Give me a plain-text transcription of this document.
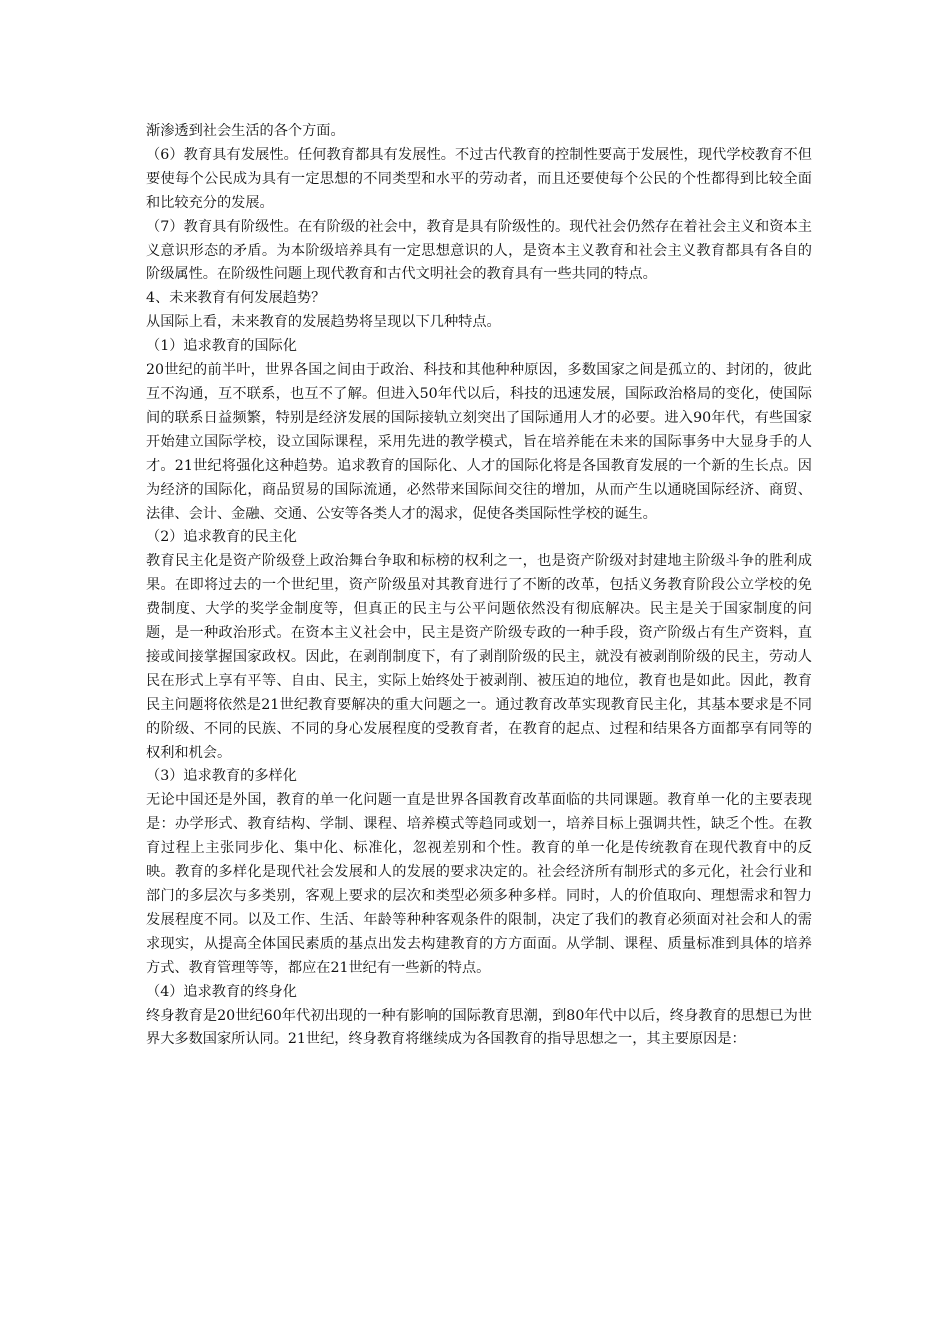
渐渗透到社会生活的各个方面。

（6）教育具有发展性。任何教育都具有发展性。不过古代教育的控制性要高于发展性，现代学校教育不但要使每个公民成为具有一定思想的不同类型和水平的劳动者，而且还要使每个公民的个性都得到比较全面和比较充分的发展。

（7）教育具有阶级性。在有阶级的社会中，教育是具有阶级性的。现代社会仍然存在着社会主义和资本主义意识形态的矛盾。为本阶级培养具有一定思想意识的人，是资本主义教育和社会主义教育都具有各自的阶级属性。在阶级性问题上现代教育和古代文明社会的教育具有一些共同的特点。

4、未来教育有何发展趋势？

从国际上看，未来教育的发展趋势将呈现以下几种特点。

（1）追求教育的国际化

20世纪的前半叶，世界各国之间由于政治、科技和其他种种原因，多数国家之间是孤立的、封闭的，彼此互不沟通，互不联系，也互不了解。但进入50年代以后，科技的迅速发展，国际政治格局的变化，使国际间的联系日益频繁，特别是经济发展的国际接轨立刻突出了国际通用人才的必要。进入90年代，有些国家开始建立国际学校，设立国际课程，采用先进的教学模式，旨在培养能在未来的国际事务中大显身手的人才。21世纪将强化这种趋势。追求教育的国际化、人才的国际化将是各国教育发展的一个新的生长点。因为经济的国际化，商品贸易的国际流通，必然带来国际间交往的增加，从而产生以通晓国际经济、商贸、法律、会计、金融、交通、公安等各类人才的渴求，促使各类国际性学校的诞生。

（2）追求教育的民主化

教育民主化是资产阶级登上政治舞台争取和标榜的权利之一，也是资产阶级对封建地主阶级斗争的胜利成果。在即将过去的一个世纪里，资产阶级虽对其教育进行了不断的改革，包括义务教育阶段公立学校的免费制度、大学的奖学金制度等，但真正的民主与公平问题依然没有彻底解决。民主是关于国家制度的问题，是一种政治形式。在资本主义社会中，民主是资产阶级专政的一种手段，资产阶级占有生产资料，直接或间接掌握国家政权。因此，在剥削制度下，有了剥削阶级的民主，就没有被剥削阶级的民主，劳动人民在形式上享有平等、自由、民主，实际上始终处于被剥削、被压迫的地位，教育也是如此。因此，教育民主问题将依然是21世纪教育要解决的重大问题之一。通过教育改革实现教育民主化，其基本要求是不同的阶级、不同的民族、不同的身心发展程度的受教育者，在教育的起点、过程和结果各方面都享有同等的权利和机会。

（3）追求教育的多样化

无论中国还是外国，教育的单一化问题一直是世界各国教育改革面临的共同课题。教育单一化的主要表现是：办学形式、教育结构、学制、课程、培养模式等趋同或划一，培养目标上强调共性，缺乏个性。在教育过程上主张同步化、集中化、标准化，忽视差别和个性。教育的单一化是传统教育在现代教育中的反映。教育的多样化是现代社会发展和人的发展的要求决定的。社会经济所有制形式的多元化，社会行业和部门的多层次与多类别，客观上要求的层次和类型必须多种多样。同时，人的价值取向、理想需求和智力发展程度不同。以及工作、生活、年龄等种种客观条件的限制，决定了我们的教育必须面对社会和人的需求现实，从提高全体国民素质的基点出发去构建教育的方方面面。从学制、课程、质量标准到具体的培养方式、教育管理等等，都应在21世纪有一些新的特点。

（4）追求教育的终身化

终身教育是20世纪60年代初出现的一种有影响的国际教育思潮，到80年代中以后，终身教育的思想已为世界大多数国家所认同。21世纪，终身教育将继续成为各国教育的指导思想之一，其主要原因是：
